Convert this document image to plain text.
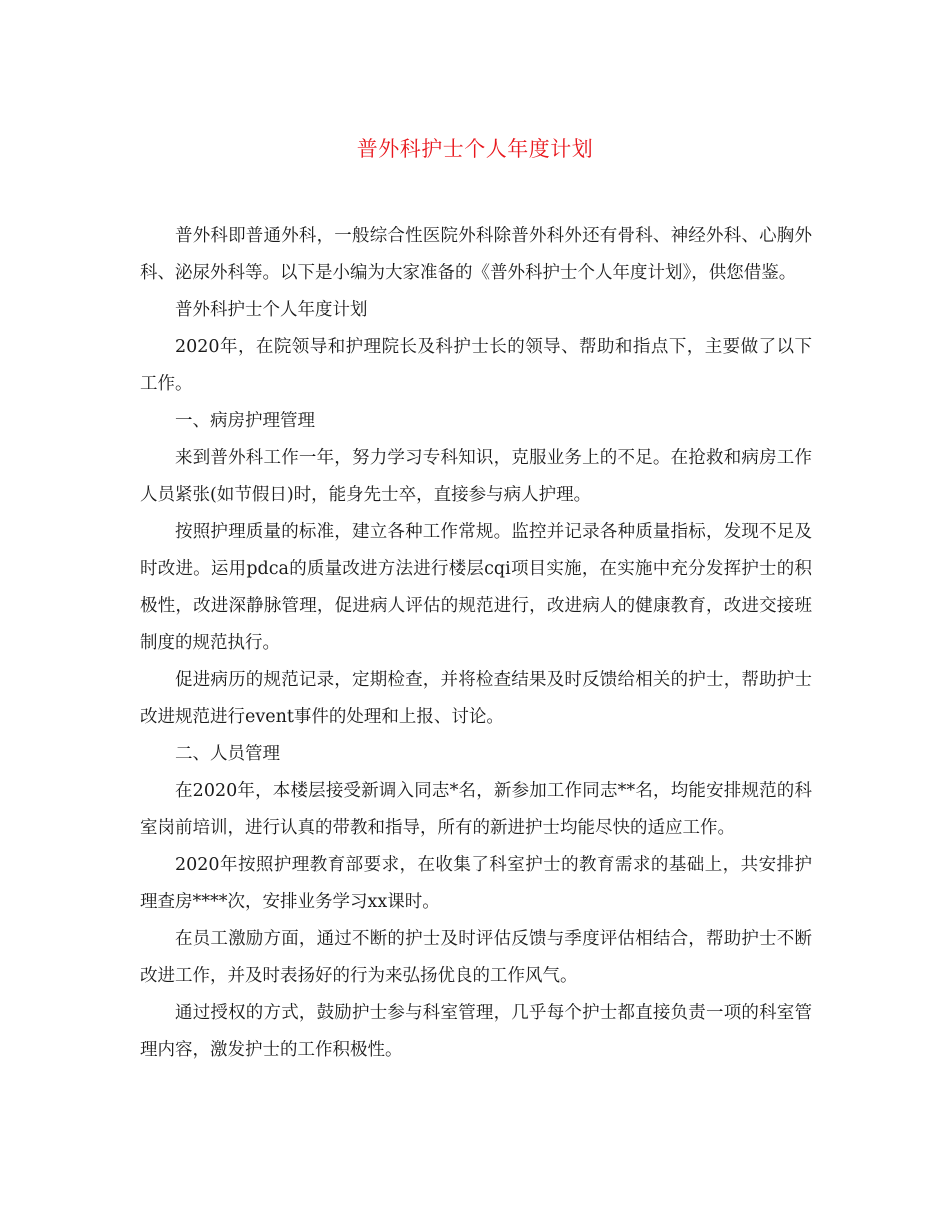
普外科护士个人年度计划

普外科即普通外科，一般综合性医院外科除普外科外还有骨科、神经外科、心胸外科、泌尿外科等。以下是小编为大家准备的《普外科护士个人年度计划》，供您借鉴。

普外科护士个人年度计划

2020年，在院领导和护理院长及科护士长的领导、帮助和指点下，主要做了以下工作。

一、病房护理管理

来到普外科工作一年，努力学习专科知识，克服业务上的不足。在抢救和病房工作人员紧张(如节假日)时，能身先士卒，直接参与病人护理。

按照护理质量的标准，建立各种工作常规。监控并记录各种质量指标，发现不足及时改进。运用pdca的质量改进方法进行楼层cqi项目实施，在实施中充分发挥护士的积极性，改进深静脉管理，促进病人评估的规范进行，改进病人的健康教育，改进交接班制度的规范执行。

促进病历的规范记录，定期检查，并将检查结果及时反馈给相关的护士，帮助护士改进规范进行event事件的处理和上报、讨论。

二、人员管理

在2020年，本楼层接受新调入同志*名，新参加工作同志**名，均能安排规范的科室岗前培训，进行认真的带教和指导，所有的新进护士均能尽快的适应工作。

2020年按照护理教育部要求，在收集了科室护士的教育需求的基础上，共安排护理查房****次，安排业务学习xx课时。

在员工激励方面，通过不断的护士及时评估反馈与季度评估相结合，帮助护士不断改进工作，并及时表扬好的行为来弘扬优良的工作风气。

通过授权的方式，鼓励护士参与科室管理，几乎每个护士都直接负责一项的科室管理内容，激发护士的工作积极性。
